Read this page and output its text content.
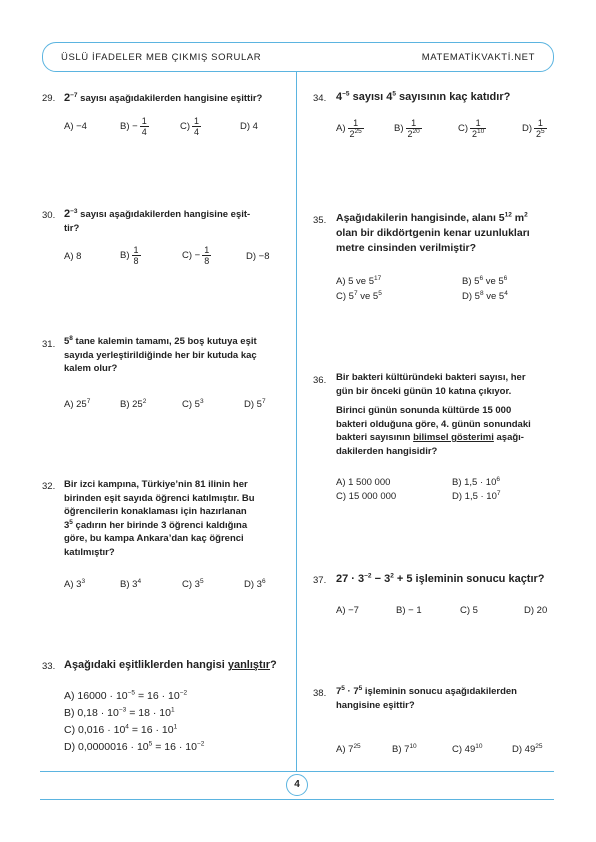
ÜSLÜ İFADELER MEB ÇIKMIŞ SORULAR	MATEMATİKVAKTİ.NET
4
29. $2^{-7}$ sayısı aşağıdakilerden hangisine eşittir?
A) −4	$B) - \frac{1}{4}$	$C) \frac{1}{4}$	D) 4
30. $2^{-3}$ sayısı aşağıdakilerden hangisine eşit-
tir?
A) 8	$B) \frac{1}{8}$	$C) - \frac{1}{8}$	D) −8
31. $5^8$ tane kalemin tamamı, 25 boş kutuya eşit
sayıda yerleştirildiğinde her bir kutuda kaç
kalem olur?
A) $25^7$	B) $25^2$	C) $5^3$	D) $5^7$
32. Bir izci kampına, Türkiye’nin 81 ilinin her
birinden eşit sayıda öğrenci katılmıştır. Bu
öğrencilerin konaklaması için hazırlanan
$3^5$ çadırın her birinde 3 öğrenci kaldığına
göre, bu kampa Ankara’dan kaç öğrenci
katılmıştır?
A) $3^3$	B) $3^4$	C) $3^5$	D) $3^6$
33. Aşağıdaki eşitliklerden hangisi yanlıştır?
A) $16000 \cdot 10^{-5} = 16 \cdot 10^{-2}$
B) $0,18 \cdot 10^{-3} = 18 \cdot 10^1$
C) $0,016 \cdot 10^4 = 16 \cdot 10^1$
D) $0,0000016 \cdot 10^5 = 16 \cdot 10^{-2}$
34. $4^{-5}$ sayısı $4^5$ sayısının kaç katıdır?
$A) \frac{1}{2^{25}}$	$B) \frac{1}{2^{20}}$	$C) \frac{1}{2^{10}}$	$D) \frac{1}{2^5}$
35. Aşağıdakilerin hangisinde, alanı $5^{12}$ $m^2$
olan bir dikdörtgenin kenar uzunlukları
metre cinsinden verilmiştir?
A) 5 ve $5^{17}$	B) $5^6$ ve $5^6$
C) $5^7$ ve $5^5$	D) $5^8$ ve $5^4$
36. Bir bakteri kültüründeki bakteri sayısı, her
gün bir önceki günün 10 katına çıkıyor.
Birinci günün sonunda kültürde 15 000
bakteri olduğuna göre, 4. günün sonundaki
bakteri sayısının bilimsel gösterimi aşağı-
dakilerden hangisidir?
A) 1 500 000	B) $1,5 \cdot 10^6$
C) 15 000 000	D) $1,5 \cdot 10^7$
37. $27 \cdot 3^{-2} - 3^2 + 5$ işleminin sonucu kaçtır?
A) −7	B) − 1	C) 5	D) 20
38. $7^5 \cdot 7^5$ işleminin sonucu aşağıdakilerden
hangisine eşittir?
A) $7^{25}$	B) $7^{10}$	C) $49^{10}$	D) $49^{25}$
